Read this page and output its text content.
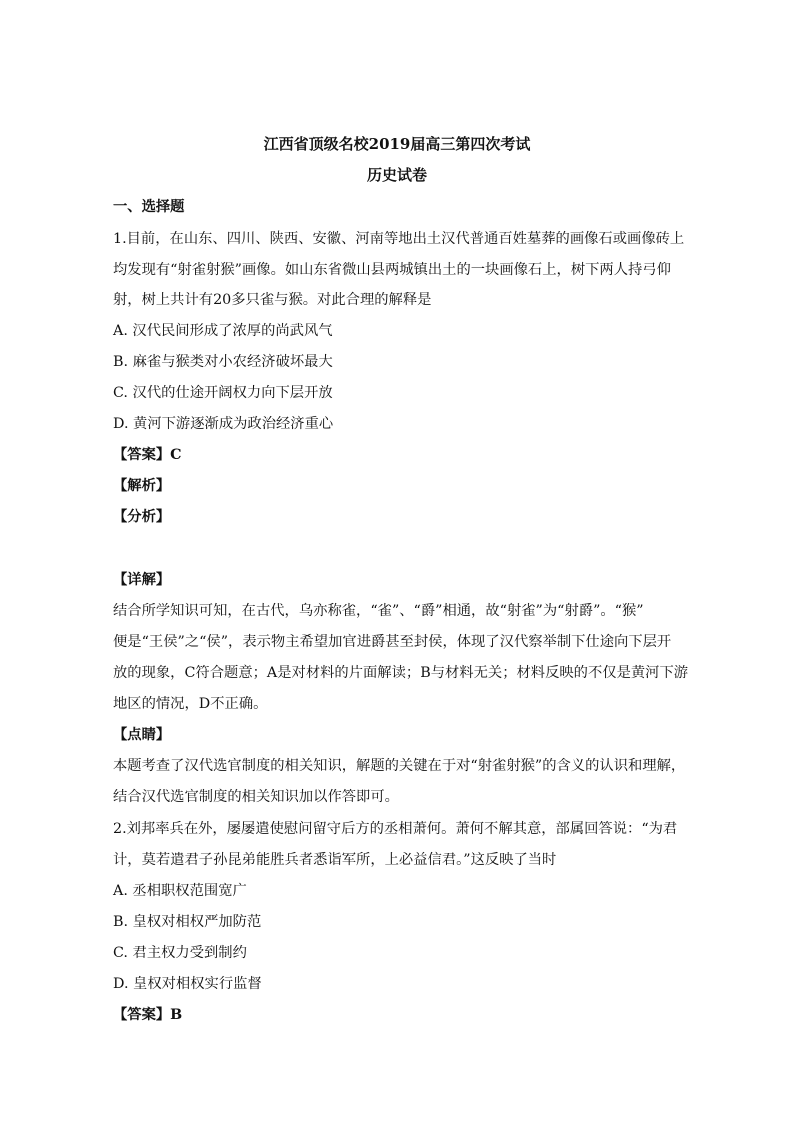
江西省顶级名校2019届高三第四次考试
历史试卷
一、选择题
1.目前，在山东、四川、陕西、安徽、河南等地出土汉代普通百姓墓葬的画像石或画像砖上
均发现有“射雀射猴”画像。如山东省微山县两城镇出土的一块画像石上，树下两人持弓仰
射，树上共计有20多只雀与猴。对此合理的解释是
A. 汉代民间形成了浓厚的尚武风气
B. 麻雀与猴类对小农经济破坏最大
C. 汉代的仕途开阔权力向下层开放
D. 黄河下游逐渐成为政治经济重心
【答案】C
【解析】
【分析】
【详解】
结合所学知识可知，在古代，乌亦称雀，“雀”、“爵”相通，故“射雀”为“射爵”。“猴”
便是“王侯”之“侯”，表示物主希望加官进爵甚至封侯，体现了汉代察举制下仕途向下层开
放的现象，C符合题意；A是对材料的片面解读；B与材料无关；材料反映的不仅是黄河下游
地区的情况，D不正确。
【点睛】
本题考查了汉代选官制度的相关知识，解题的关键在于对“射雀射猴”的含义的认识和理解，
结合汉代选官制度的相关知识加以作答即可。
2.刘邦率兵在外，屡屡遣使慰问留守后方的丞相萧何。萧何不解其意，部属回答说：“为君
计，莫若遣君子孙昆弟能胜兵者悉诣军所，上必益信君。”这反映了当时
A. 丞相职权范围宽广
B. 皇权对相权严加防范
C. 君主权力受到制约
D. 皇权对相权实行监督
【答案】B
